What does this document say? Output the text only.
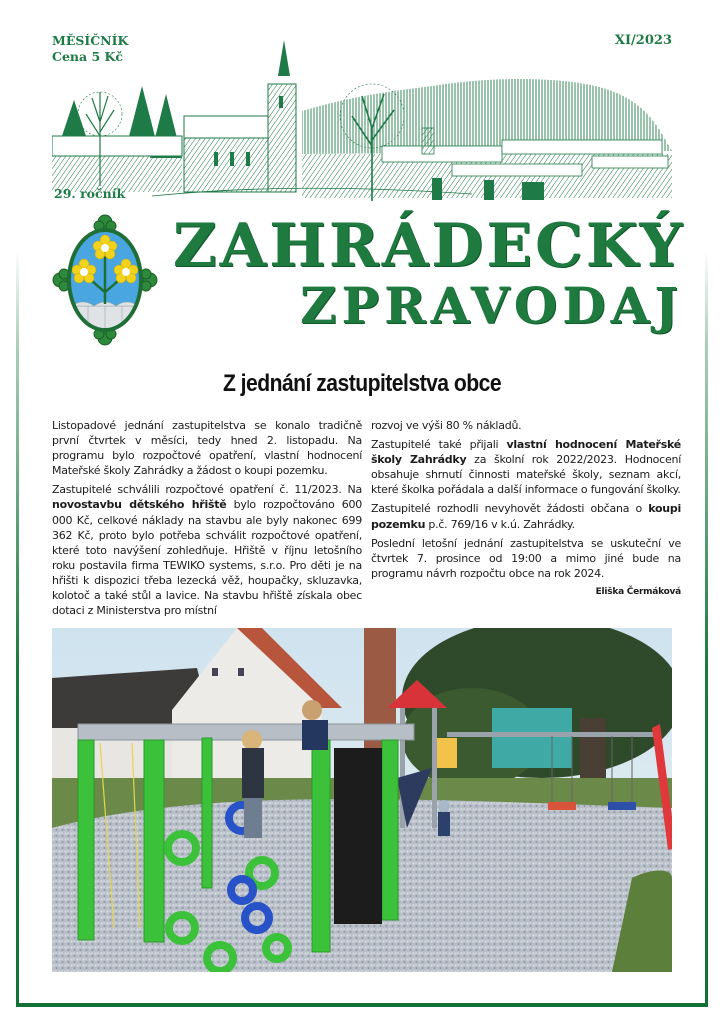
MĚSÍČNÍK
Cena 5 Kč
XI/2023
29. ročník
ZAHRÁDECKÝ
ZPRAVODAJ
Z jednání zastupitelstva obce

Listopadové jednání zastupitelstva se konalo tradičně první čtvrtek v měsíci, tedy hned 2. listopadu. Na programu bylo rozpočtové opatření, vlastní hodnocení Mateřské školy Zahrádky a žádost o koupi pozemku.

Zastupitelé schválili rozpočtové opatření č. 11/2023. Na novostavbu dětského hřiště bylo rozpočtováno 600 000 Kč, celkové náklady na stavbu ale byly nakonec 699 362 Kč, proto bylo potřeba schválit rozpočtové opatření, které toto navýšení zohledňuje. Hřiště v říjnu letošního roku postavila firma TEWIKO systems, s.r.o. Pro děti je na hřišti k dispozici třeba lezecká věž, houpačky, skluzavka, kolotoč a také stůl a lavice. Na stavbu hřiště získala obec dotaci z Ministerstva pro místní

rozvoj ve výši 80 % nákladů.

Zastupitelé také přijali vlastní hodnocení Mateřské školy Zahrádky za školní rok 2022/2023. Hodnocení obsahuje shrnutí činnosti mateřské školy, seznam akcí, které školka pořádala a další informace o fungování školky.

Zastupitelé rozhodli nevyhovět žádosti občana o koupi pozemku p.č. 769/16 v k.ú. Zahrádky.

Poslední letošní jednání zastupitelstva se uskuteční ve čtvrtek 7. prosince od 19:00 a mimo jiné bude na programu návrh rozpočtu obce na rok 2024.

Eliška Čermáková
